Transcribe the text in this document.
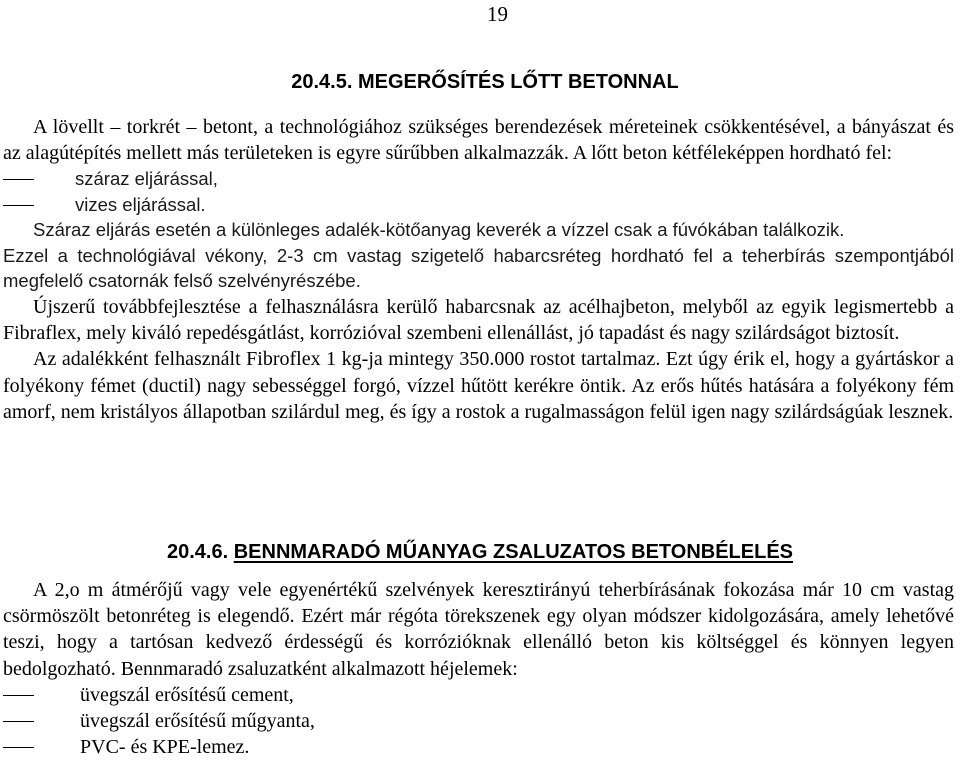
19
20.4.5. MEGERŐSÍTÉS LŐTT BETONNAL

A lövellt – torkrét – betont, a technológiához szükséges berendezések méreteinek csökkentésével, a bányászat és az alagútépítés mellett más területeken is egyre sűrűbben alkalmazzák. A lőtt beton kétféleképpen hordható fel:

száraz eljárással,
vizes eljárással.

Száraz eljárás esetén a különleges adalék-kötőanyag keverék a vízzel csak a fúvókában találkozik.

Ezzel a technológiával vékony, 2-3 cm vastag szigetelő habarcsréteg hordható fel a teherbírás szempontjából megfelelő csatornák felső szelvényrészébe.

Újszerű továbbfejlesztése a felhasználásra kerülő habarcsnak az acélhajbeton, melyből az egyik legismertebb a Fibraflex, mely kiváló repedésgátlást, korrózióval szembeni ellenállást, jó tapadást és nagy szilárdságot biztosít.

Az adalékként felhasznált Fibroflex 1 kg-ja mintegy 350.000 rostot tartalmaz. Ezt úgy érik el, hogy a gyártáskor a folyékony fémet (ductil) nagy sebességgel forgó, vízzel hűtött kerékre öntik. Az erős hűtés hatására a folyékony fém amorf, nem kristályos állapotban szilárdul meg, és így a rostok a rugalmasságon felül igen nagy szilárdságúak lesznek.

20.4.6. BENNMARADÓ MŰANYAG ZSALUZATOS BETONBÉLELÉS

A 2,o m átmérőjű vagy vele egyenértékű szelvények keresztirányú teherbírásának fokozása már 10 cm vastag csörmöszölt betonréteg is elegendő. Ezért már régóta törekszenek egy olyan módszer kidolgozására, amely lehetővé teszi, hogy a tartósan kedvező érdességű és korrózióknak ellenálló beton kis költséggel és könnyen legyen bedolgozható. Bennmaradó zsaluzatként alkalmazott héjelemek:

üvegszál erősítésű cement,
üvegszál erősítésű műgyanta,
PVC- és KPE-lemez.
